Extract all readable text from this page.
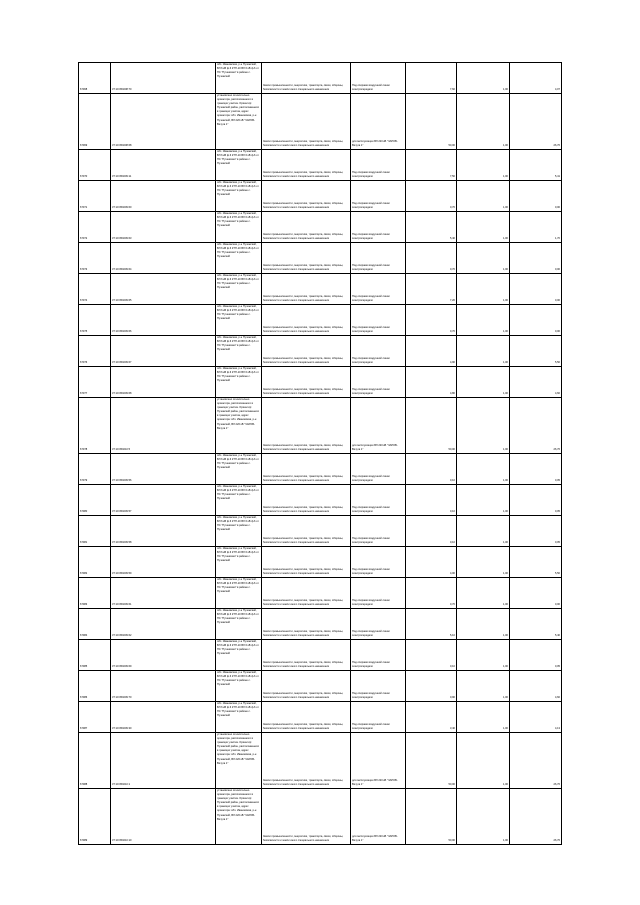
67068	37:10:050208:70	обл. Ивановская, р-н Пучежский, ВЛ 6 кВ ф.6 КТП-10 ВЛ 6 кВ ф.6 от ПС "Пучежская" в районе с. Пучежский	Земли промышленности, энергетики, транспорта, связи, обороны, безопасности и земли иного специального назначения	Под опорами воздушной линии электропередачи	7,60	1,00	4,07
67069	37:10:050208:68	установлено относительно ориентира, расположенного в границах участка. Ориентир: Пучежский район, расположенного в границах участка, адрес ориентира: обл. Ивановская, р-н Пучежский, ВЛ 220 кВ "ЧАРОВ-Вичуга 1"	Земли промышленности, энергетики, транспорта, связи, обороны, безопасности и земли иного специального назначения	для эксплуатации ВЛ 220 кВ "ЧАРОВ-Вичуга 1"	50,00	1,00	26,76
67070	37:10:050209:11	обл. Ивановская, р-н Пучежский, ВЛ 6 кВ ф.6 КТП-10 ВЛ 6 кВ ф.6 от ПС "Пучежская" в районе с. Пучежский	Земли промышленности, энергетики, транспорта, связи, обороны, безопасности и земли иного специального назначения	Под опорами воздушной линии электропередачи	7,50	1,00	5,41
67071	37:10:050209:60	обл. Ивановская, р-н Пучежский, ВЛ 6 кВ ф.6 КТП-10 ВЛ 6 кВ ф.6 от ПС "Пучежская" в районе с. Пучежский	Земли промышленности, энергетики, транспорта, связи, обороны, безопасности и земли иного специального назначения	Под опорами воздушной линии электропередачи	0,70	1,00	0,00
67072	37:10:050209:63	обл. Ивановская, р-н Пучежский, ВЛ 6 кВ ф.6 КТП-10 ВЛ 6 кВ ф.6 от ПС "Пучежская" в районе с. Пучежский	Земли промышленности, энергетики, транспорта, связи, обороны, безопасности и земли иного специального назначения	Под опорами воздушной линии электропередачи	5,40	1,00	1,70
67073	37:10:050209:64	обл. Ивановская, р-н Пучежский, ВЛ 6 кВ ф.6 КТП-10 ВЛ 6 кВ ф.6 от ПС "Пучежская" в районе с. Пучежский	Земли промышленности, энергетики, транспорта, связи, обороны, безопасности и земли иного специального назначения	Под опорами воздушной линии электропередачи	0,70	1,00	0,00
67074	37:10:050209:65	обл. Ивановская, р-н Пучежский, ВЛ 6 кВ ф.6 КТП-10 ВЛ 6 кВ ф.6 от ПС "Пучежская" в районе с. Пучежский	Земли промышленности, энергетики, транспорта, связи, обороны, безопасности и земли иного специального назначения	Под опорами воздушной линии электропередачи	7,20	1,00	0,00
67075	37:10:050209:66	обл. Ивановская, р-н Пучежский, ВЛ 6 кВ ф.6 КТП-10 ВЛ 6 кВ ф.6 от ПС "Пучежская" в районе с. Пучежский	Земли промышленности, энергетики, транспорта, связи, обороны, безопасности и земли иного специального назначения	Под опорами воздушной линии электропередачи	0,70	1,00	0,00
67076	37:10:050209:67	обл. Ивановская, р-н Пучежский, ВЛ 6 кВ ф.6 КТП-10 ВЛ 6 кВ ф.6 от ПС "Пучежская" в районе с. Пучежский	Земли промышленности, энергетики, транспорта, связи, обороны, безопасности и земли иного специального назначения	Под опорами воздушной линии электропередачи	4,90	1,00	5,50
67077	37:10:050209:68	обл. Ивановская, р-н Пучежский, ВЛ 6 кВ ф.6 КТП-10 ВЛ 6 кВ ф.6 от ПС "Пучежская" в районе с. Пучежский	Земли промышленности, энергетики, транспорта, связи, обороны, безопасности и земли иного специального назначения	Под опорами воздушной линии электропередачи	4,80	1,00	4,60
67078	37:10:050210:5	установлено относительно ориентира, расположенного в границах участка. Ориентир: Пучежский район, расположенного в границах участка, адрес ориентира: обл. Ивановская, р-н Пучежский, ВЛ 220 кВ "ЧАРОВ-Вичуга 1"	Земли промышленности, энергетики, транспорта, связи, обороны, безопасности и земли иного специального назначения	для эксплуатации ВЛ 220 кВ "ЧАРОВ-Вичуга 1"	50,00	1,00	26,76
67079	37:10:050209:56	обл. Ивановская, р-н Пучежский, ВЛ 6 кВ ф.6 КТП-10 ВЛ 6 кВ ф.6 от ПС "Пучежская" в районе с. Пучежский	Земли промышленности, энергетики, транспорта, связи, обороны, безопасности и земли иного специального назначения	Под опорами воздушной линии электропередачи	0,10	1,00	0,05
67080	37:10:050209:57	обл. Ивановская, р-н Пучежский, ВЛ 6 кВ ф.6 КТП-10 ВЛ 6 кВ ф.6 от ПС "Пучежская" в районе с. Пучежский	Земли промышленности, энергетики, транспорта, связи, обороны, безопасности и земли иного специального назначения	Под опорами воздушной линии электропередачи	0,10	1,00	0,05
67081	37:10:050209:58	обл. Ивановская, р-н Пучежский, ВЛ 6 кВ ф.6 КТП-10 ВЛ 6 кВ ф.6 от ПС "Пучежская" в районе с. Пучежский	Земли промышленности, энергетики, транспорта, связи, обороны, безопасности и земли иного специального назначения	Под опорами воздушной линии электропередачи	0,10	1,00	0,05
67082	37:10:050209:59	обл. Ивановская, р-н Пучежский, ВЛ 6 кВ ф.6 КТП-10 ВЛ 6 кВ ф.6 от ПС "Пучежская" в районе с. Пучежский	Земли промышленности, энергетики, транспорта, связи, обороны, безопасности и земли иного специального назначения	Под опорами воздушной линии электропередачи	4,00	1,00	5,50
67083	37:10:050209:61	обл. Ивановская, р-н Пучежский, ВЛ 6 кВ ф.6 КТП-10 ВЛ 6 кВ ф.6 от ПС "Пучежская" в районе с. Пучежский	Земли промышленности, энергетики, транспорта, связи, обороны, безопасности и земли иного специального назначения	Под опорами воздушной линии электропередачи	0,70	1,00	0,00
67084	37:10:050209:62	обл. Ивановская, р-н Пучежский, ВЛ 6 кВ ф.6 КТП-10 ВЛ 6 кВ ф.6 от ПС "Пучежская" в районе с. Пучежский	Земли промышленности, энергетики, транспорта, связи, обороны, безопасности и земли иного специального назначения	Под опорами воздушной линии электропередачи	5,10	1,00	5,40
67085	37:10:050209:69	обл. Ивановская, р-н Пучежский, ВЛ 6 кВ ф.6 КТП-10 ВЛ 6 кВ ф.6 от ПС "Пучежская" в районе с. Пучежский	Земли промышленности, энергетики, транспорта, связи, обороны, безопасности и земли иного специального назначения	Под опорами воздушной линии электропередачи	0,10	1,00	0,05
67086	37:10:050209:70	обл. Ивановская, р-н Пучежский, ВЛ 6 кВ ф.6 КТП-10 ВЛ 6 кВ ф.6 от ПС "Пучежская" в районе с. Пучежский	Земли промышленности, энергетики, транспорта, связи, обороны, безопасности и земли иного специального назначения	Под опорами воздушной линии электропередачи	0,90	1,00	4,60
67087	37:10:050209:30	обл. Ивановская, р-н Пучежский, ВЛ 6 кВ ф.6 КТП-10 ВЛ 6 кВ ф.6 от ПС "Пучежская" в районе с. Пучежский	Земли промышленности, энергетики, транспорта, связи, обороны, безопасности и земли иного специального назначения	Под опорами воздушной линии электропередачи	3,40	1,00	4,13
67088	37:10:050210:1	установлено относительно ориентира, расположенного в границах участка. Ориентир: Пучежский район, расположенного в границах участка, адрес ориентира: обл. Ивановская, р-н Пучежский, ВЛ 220 кВ "ЧАРОВ-Вичуга 1"	Земли промышленности, энергетики, транспорта, связи, обороны, безопасности и земли иного специального назначения	для эксплуатации ВЛ 220 кВ "ЧАРОВ-Вичуга 1"	50,00	1,00	26,76
67089	37:10:050210:10	установлено относительно ориентира, расположенного в границах участка. Ориентир: Пучежский район, расположенного в границах участка, адрес ориентира: обл. Ивановская, р-н Пучежский, ВЛ 220 кВ "ЧАРОВ-Вичуга 1"	Земли промышленности, энергетики, транспорта, связи, обороны, безопасности и земли иного специального назначения	для эксплуатации ВЛ 220 кВ "ЧАРОВ-Вичуга 1"	50,00	1,00	26,76
